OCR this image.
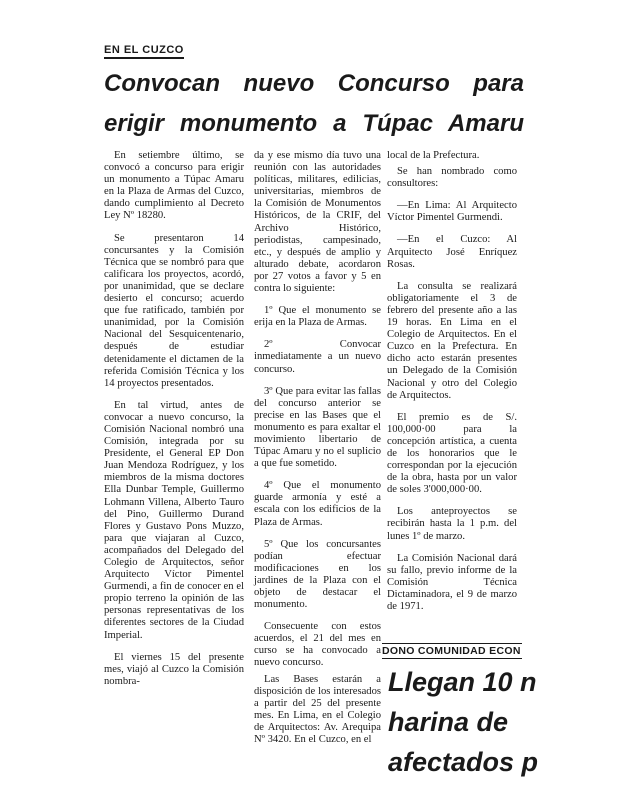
EN EL CUZCO
Convocan nuevo Concurso para erigir monumento a Túpac Amaru

En setiembre último, se convocó a concurso para erigir un monumento a Túpac Amaru en la Plaza de Armas del Cuzco, dando cumplimiento al Decreto Ley Nº 18280.

Se presentaron 14 concursantes y la Comisión Técnica que se nombró para que calificara los proyectos, acordó, por unanimidad, que se declare desierto el concurso; acuerdo que fue ratificado, también por unanimidad, por la Comisión Nacional del Sesquicentenario, después de estudiar detenidamente el dictamen de la referida Comisión Técnica y los 14 proyectos presentados.

En tal virtud, antes de convocar a nuevo concurso, la Comisión Nacional nombró una Comisión, integrada por su Presidente, el General EP Don Juan Mendoza Rodríguez, y los miembros de la misma doctores Ella Dunbar Temple, Guillermo Lohmann Villena, Alberto Tauro del Pino, Guillermo Durand Flores y Gustavo Pons Muzzo, para que viajaran al Cuzco, acompañados del Delegado del Colegio de Arquitectos, señor Arquitecto Víctor Pimentel Gurmendi, a fin de conocer en el propio terreno la opinión de las personas representativas de los diferentes sectores de la Ciudad Imperial.

El viernes 15 del presente mes, viajó al Cuzco la Comisión nombra-

da y ese mismo día tuvo una reunión con las autoridades políticas, militares, edilicias, universitarias, miembros de la Comisión de Monumentos Históricos, de la CRIF, del Archivo Histórico, periodistas, campesinado, etc., y después de amplio y alturado debate, acordaron por 27 votos a favor y 5 en contra lo siguiente:

1º Que el monumento se erija en la Plaza de Armas.

2º Convocar inmediatamente a un nuevo concurso.

3º Que para evitar las fallas del concurso anterior se precise en las Bases que el monumento es para exaltar el movimiento libertario de Túpac Amaru y no el suplicio a que fue sometido.

4º Que el monumento guarde armonía y esté a escala con los edificios de la Plaza de Armas.

5º Que los concursantes podían efectuar modificaciones en los jardines de la Plaza con el objeto de destacar el monumento.

Consecuente con estos acuerdos, el 21 del mes en curso se ha convocado a nuevo concurso.

Las Bases estarán a disposición de los interesados a partir del 25 del presente mes. En Lima, en el Colegio de Arquitectos: Av. Arequipa Nº 3420. En el Cuzco, en el

local de la Prefectura.

Se han nombrado como consultores:

—En Lima: Al Arquitecto Víctor Pimentel Gurmendi.

—En el Cuzco: Al Arquitecto José Enríquez Rosas.

La consulta se realizará obligatoriamente el 3 de febrero del presente año a las 19 horas. En Lima en el Colegio de Arquitectos. En el Cuzco en la Prefectura. En dicho acto estarán presentes un Delegado de la Comisión Nacional y otro del Colegio de Arquitectos.

El premio es de S/. 100,000·00 para la concepción artística, a cuenta de los honorarios que le correspondan por la ejecución de la obra, hasta por un valor de soles 3'000,000·00.

Los anteproyectos se recibirán hasta la 1 p.m. del lunes 1º de marzo.

La Comisión Nacional dará su fallo, previo informe de la Comisión Técnica Dictaminadora, el 9 de marzo de 1971.

DONO COMUNIDAD ECON
Llegan 10 n
harina de
afectados p
